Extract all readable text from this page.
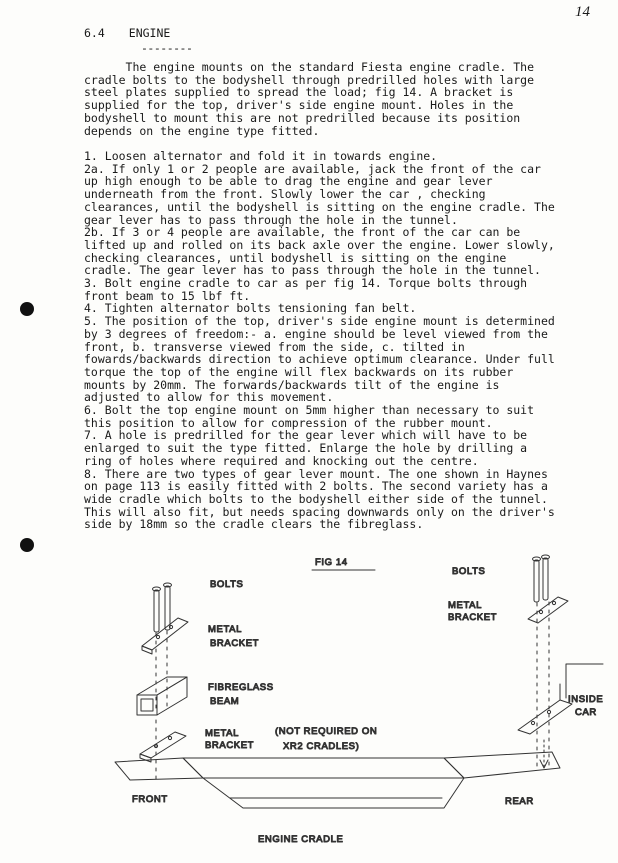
14
6.4 ENGINE
--------
The engine mounts on the standard Fiesta engine cradle. The
cradle bolts to the bodyshell through predrilled holes with large
steel plates supplied to spread the load; fig 14. A bracket is
supplied for the top, driver's side engine mount. Holes in the
bodyshell to mount this are not predrilled because its position
depends on the engine type fitted.
1. Loosen alternator and fold it in towards engine.
2a. If only 1 or 2 people are available, jack the front of the car
up high enough to be able to drag the engine and gear lever
underneath from the front. Slowly lower the car , checking
clearances, until the bodyshell is sitting on the engine cradle. The
gear lever has to pass through the hole in the tunnel.
2b. If 3 or 4 people are available, the front of the car can be
lifted up and rolled on its back axle over the engine. Lower slowly,
checking clearances, until bodyshell is sitting on the engine
cradle. The gear lever has to pass through the hole in the tunnel.
3. Bolt engine cradle to car as per fig 14. Torque bolts through
front beam to 15 lbf ft.
4. Tighten alternator bolts tensioning fan belt.
5. The position of the top, driver's side engine mount is determined
by 3 degrees of freedom:- a. engine should be level viewed from the
front, b. transverse viewed from the side, c. tilted in
fowards/backwards direction to achieve optimum clearance. Under full
torque the top of the engine will flex backwards on its rubber
mounts by 20mm. The forwards/backwards tilt of the engine is
adjusted to allow for this movement.
6. Bolt the top engine mount on 5mm higher than necessary to suit
this position to allow for compression of the rubber mount.
7. A hole is predrilled for the gear lever which will have to be
enlarged to suit the type fitted. Enlarge the hole by drilling a
ring of holes where required and knocking out the centre.
8. There are two types of gear lever mount. The one shown in Haynes
on page 113 is easily fitted with 2 bolts. The second variety has a
wide cradle which bolts to the bodyshell either side of the tunnel.
This will also fit, but needs spacing downwards only on the driver's
side by 18mm so the cradle clears the fibreglass.
FIG 14
BOLTS
METAL
BRACKET
FIBREGLASS
BEAM
METAL
BRACKET
(NOT REQUIRED ON
XR2 CRADLES)
BOLTS
METAL
BRACKET
INSIDE
CAR
FRONT	REAR
ENGINE CRADLE
